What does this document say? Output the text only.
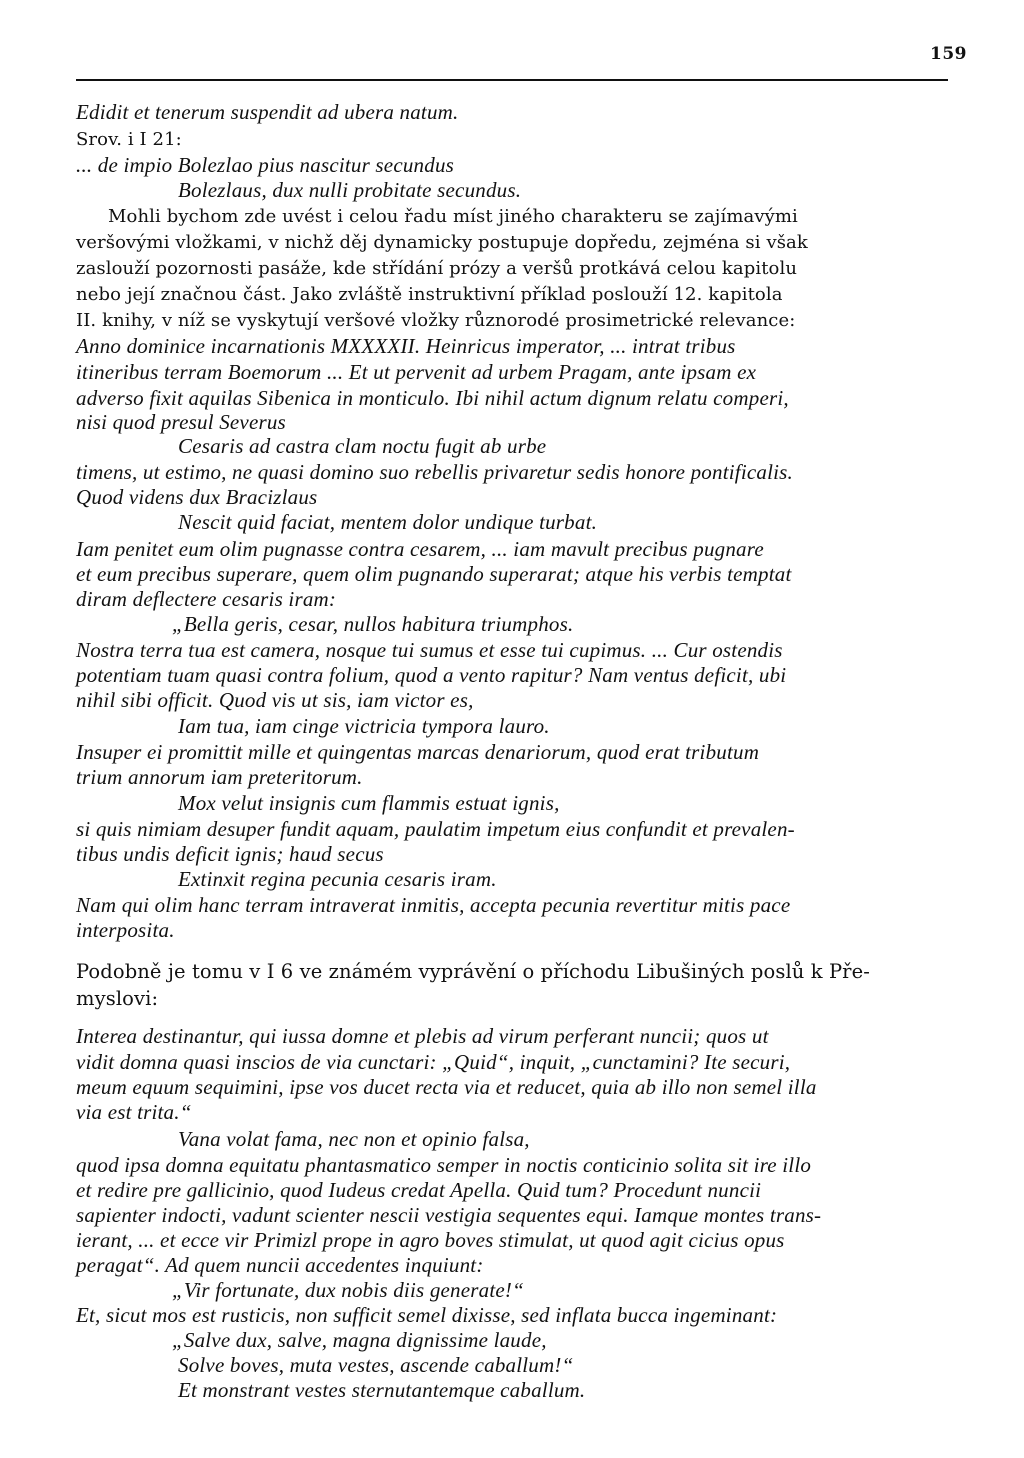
159
Edidit et tenerum suspendit ad ubera natum.
Srov. i I 21:
... de impio Bolezlao pius nascitur secundus
Bolezlaus, dux nulli probitate secundus.
Mohli bychom zde uvést i celou řadu míst jiného charakteru se zajímavými
veršovými vložkami, v nichž děj dynamicky postupuje dopředu, zejména si však
zaslouží pozornosti pasáže, kde střídání prózy a veršů protkává celou kapitolu
nebo její značnou část. Jako zvláště instruktivní příklad poslouží 12. kapitola
II. knihy, v níž se vyskytují veršové vložky různorodé prosimetrické relevance:
Anno dominice incarnationis MXXXXII. Heinricus imperator, ... intrat tribus
itineribus terram Boemorum ... Et ut pervenit ad urbem Pragam, ante ipsam ex
adverso fixit aquilas Sibenica in monticulo. Ibi nihil actum dignum relatu comperi,
nisi quod presul Severus
Cesaris ad castra clam noctu fugit ab urbe
timens, ut estimo, ne quasi domino suo rebellis privaretur sedis honore pontificalis.
Quod videns dux Bracizlaus
Nescit quid faciat, mentem dolor undique turbat.
Iam penitet eum olim pugnasse contra cesarem, ... iam mavult precibus pugnare
et eum precibus superare, quem olim pugnando superarat; atque his verbis temptat
diram deflectere cesaris iram:
„Bella geris, cesar, nullos habitura triumphos.
Nostra terra tua est camera, nosque tui sumus et esse tui cupimus. ... Cur ostendis
potentiam tuam quasi contra folium, quod a vento rapitur? Nam ventus deficit, ubi
nihil sibi officit. Quod vis ut sis, iam victor es,
Iam tua, iam cinge victricia tympora lauro.
Insuper ei promittit mille et quingentas marcas denariorum, quod erat tributum
trium annorum iam preteritorum.
Mox velut insignis cum flammis estuat ignis,
si quis nimiam desuper fundit aquam, paulatim impetum eius confundit et prevalen-
tibus undis deficit ignis; haud secus
Extinxit regina pecunia cesaris iram.
Nam qui olim hanc terram intraverat inmitis, accepta pecunia revertitur mitis pace
interposita.
Podobně je tomu v I 6 ve známém vyprávění o příchodu Libušiných poslů k Pře-
myslovi:
Interea destinantur, qui iussa domne et plebis ad virum perferant nuncii; quos ut
vidit domna quasi inscios de via cunctari: „Quid“, inquit, „cunctamini? Ite securi,
meum equum sequimini, ipse vos ducet recta via et reducet, quia ab illo non semel illa
via est trita.“
Vana volat fama, nec non et opinio falsa,
quod ipsa domna equitatu phantasmatico semper in noctis conticinio solita sit ire illo
et redire pre gallicinio, quod Iudeus credat Apella. Quid tum? Procedunt nuncii
sapienter indocti, vadunt scienter nescii vestigia sequentes equi. Iamque montes trans-
ierant, ... et ecce vir Primizl prope in agro boves stimulat, ut quod agit cicius opus
peragat“. Ad quem nuncii accedentes inquiunt:
„Vir fortunate, dux nobis diis generate!“
Et, sicut mos est rusticis, non sufficit semel dixisse, sed inflata bucca ingeminant:
„Salve dux, salve, magna dignissime laude,
Solve boves, muta vestes, ascende caballum!“
Et monstrant vestes sternutantemque caballum.
